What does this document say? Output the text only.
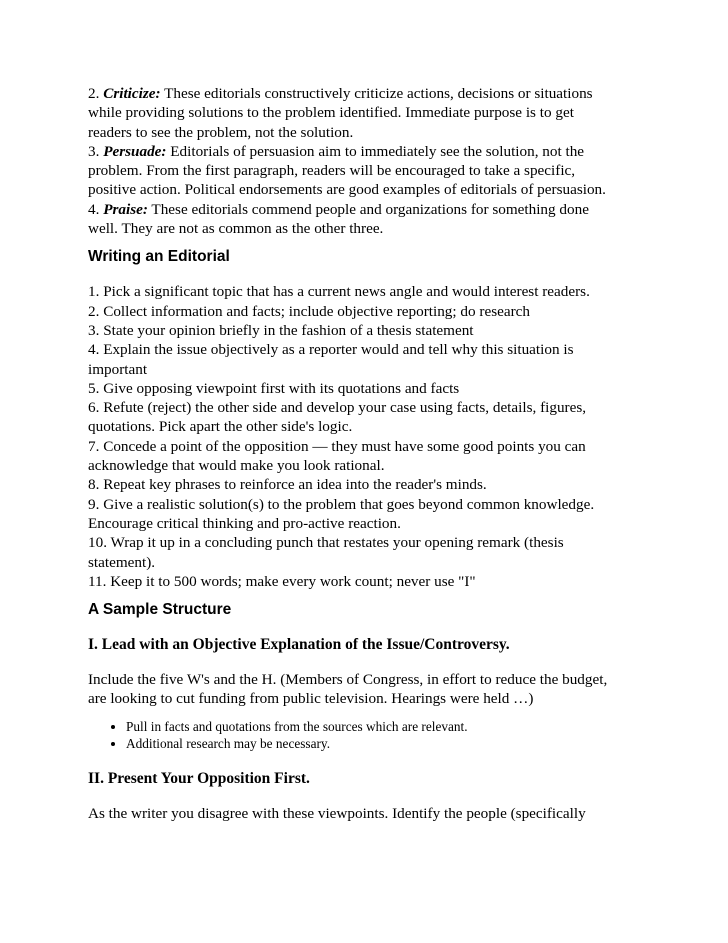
2. Criticize: These editorials constructively criticize actions, decisions or situations

while providing solutions to the problem identified. Immediate purpose is to get

readers to see the problem, not the solution.

3. Persuade: Editorials of persuasion aim to immediately see the solution, not the

problem. From the first paragraph, readers will be encouraged to take a specific,

positive action. Political endorsements are good examples of editorials of persuasion.

4. Praise: These editorials commend people and organizations for something done

well. They are not as common as the other three.

Writing an Editorial

1. Pick a significant topic that has a current news angle and would interest readers.

2. Collect information and facts; include objective reporting; do research

3. State your opinion briefly in the fashion of a thesis statement

4. Explain the issue objectively as a reporter would and tell why this situation is

important

5. Give opposing viewpoint first with its quotations and facts

6. Refute (reject) the other side and develop your case using facts, details, figures,

quotations. Pick apart the other side's logic.

7. Concede a point of the opposition — they must have some good points you can

acknowledge that would make you look rational.

8. Repeat key phrases to reinforce an idea into the reader's minds.

9. Give a realistic solution(s) to the problem that goes beyond common knowledge.

Encourage critical thinking and pro-active reaction.

10. Wrap it up in a concluding punch that restates your opening remark (thesis

statement).

11. Keep it to 500 words; make every work count; never use "I"

A Sample Structure
I. Lead with an Objective Explanation of the Issue/Controversy.

Include the five W's and the H. (Members of Congress, in effort to reduce the budget,

are looking to cut funding from public television. Hearings were held …)

• Pull in facts and quotations from the sources which are relevant.
• Additional research may be necessary.
II. Present Your Opposition First.

As the writer you disagree with these viewpoints. Identify the people (specifically
